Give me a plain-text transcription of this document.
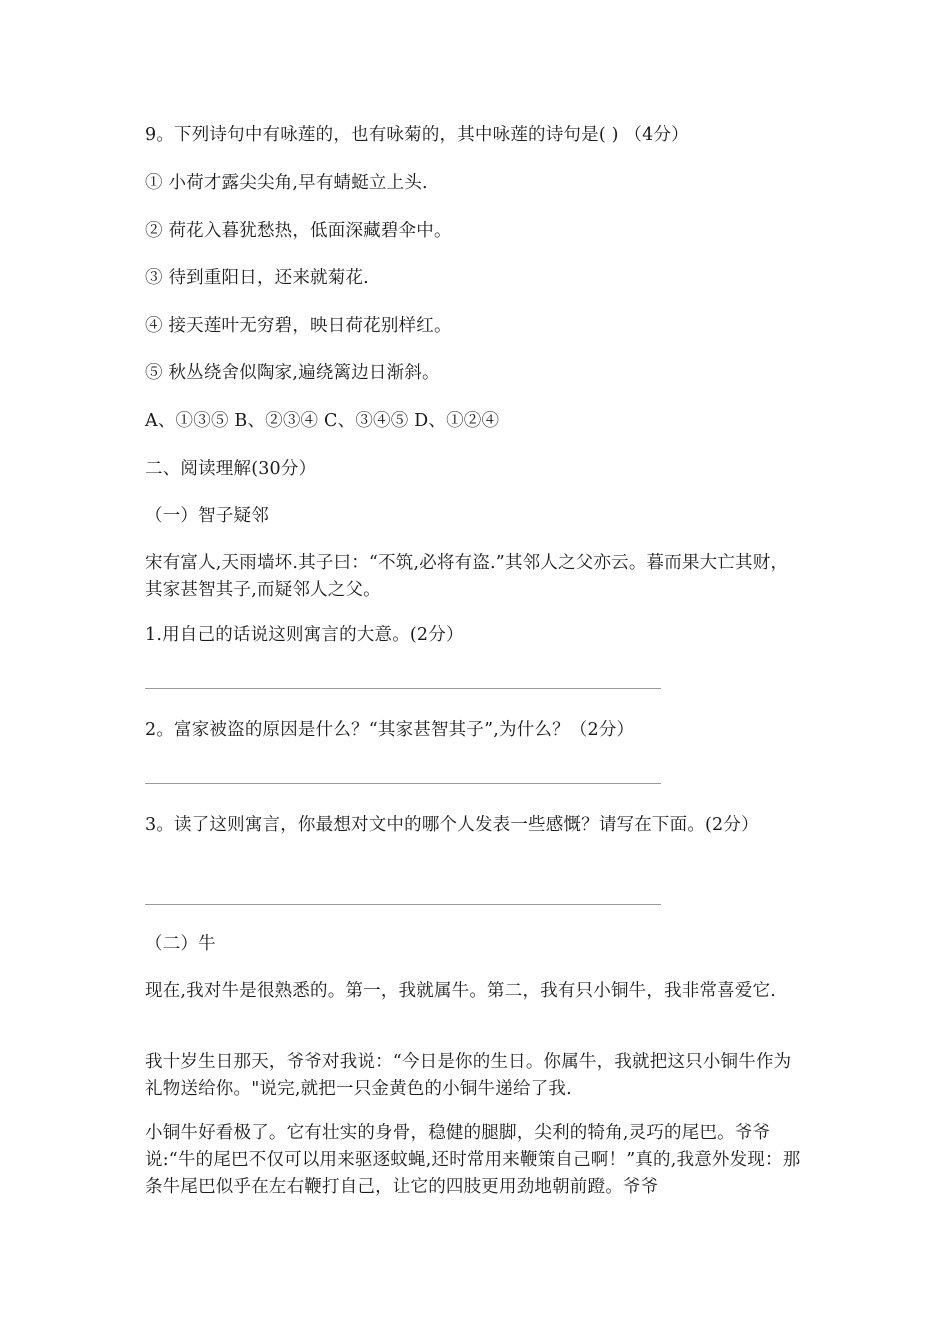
9。下列诗句中有咏莲的，也有咏菊的，其中咏莲的诗句是( ) （4分）
① 小荷才露尖尖角,早有蜻蜓立上头.
② 荷花入暮犹愁热，低面深藏碧伞中。
③ 待到重阳日，还来就菊花.
④ 接天莲叶无穷碧，映日荷花别样红。
⑤ 秋丛绕舍似陶家,遍绕篱边日渐斜。
A、①③⑤ B、②③④ C、③④⑤ D、①②④
二、阅读理解(30分）
（一）智子疑邻
宋有富人,天雨墙坏.其子曰：“不筑,必将有盗.”其邻人之父亦云。暮而果大亡其财，其家甚智其子,而疑邻人之父。
1.用自己的话说这则寓言的大意。(2分）
2。富家被盗的原因是什么？“其家甚智其子”,为什么？（2分）
3。读了这则寓言，你最想对文中的哪个人发表一些感慨？请写在下面。(2分）
（二）牛
现在,我对牛是很熟悉的。第一，我就属牛。第二，我有只小铜牛，我非常喜爱它.
我十岁生日那天，爷爷对我说：“今日是你的生日。你属牛，我就把这只小铜牛作为礼物送给你。"说完,就把一只金黄色的小铜牛递给了我.
小铜牛好看极了。它有壮实的身骨，稳健的腿脚，尖利的犄角,灵巧的尾巴。爷爷说:“牛的尾巴不仅可以用来驱逐蚊蝇,还时常用来鞭策自己啊！”真的,我意外发现：那条牛尾巴似乎在左右鞭打自己，让它的四肢更用劲地朝前蹬。爷爷
